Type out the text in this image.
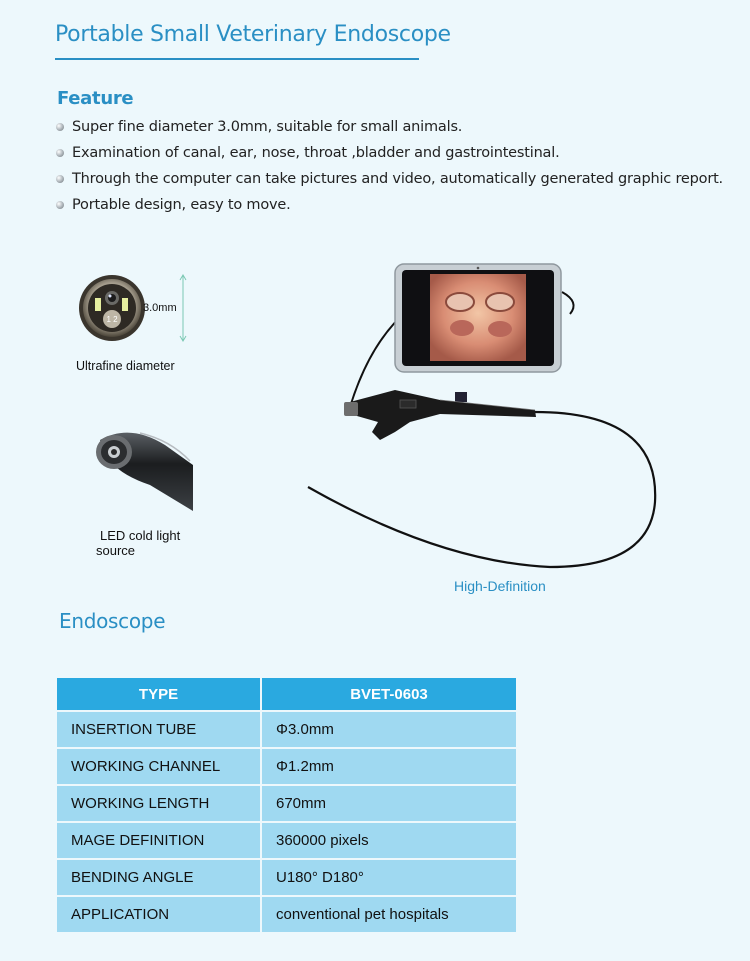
Portable Small Veterinary Endoscope
Feature
Super fine diameter 3.0mm, suitable for small animals.
Examination of canal, ear, nose, throat ,bladder and gastrointestinal.
Through the computer can take pictures and video, automatically generated graphic report.
Portable design, easy to move.
1 2
3.0mm
Ultrafine diameter
LED cold light
source
High-Definition
Endoscope
TYPE	BVET-0603
INSERTION TUBE	Φ3.0mm
WORKING CHANNEL	Φ1.2mm
WORKING LENGTH	670mm
MAGE DEFINITION	360000 pixels
BENDING ANGLE	U180° D180°
APPLICATION	conventional pet hospitals
